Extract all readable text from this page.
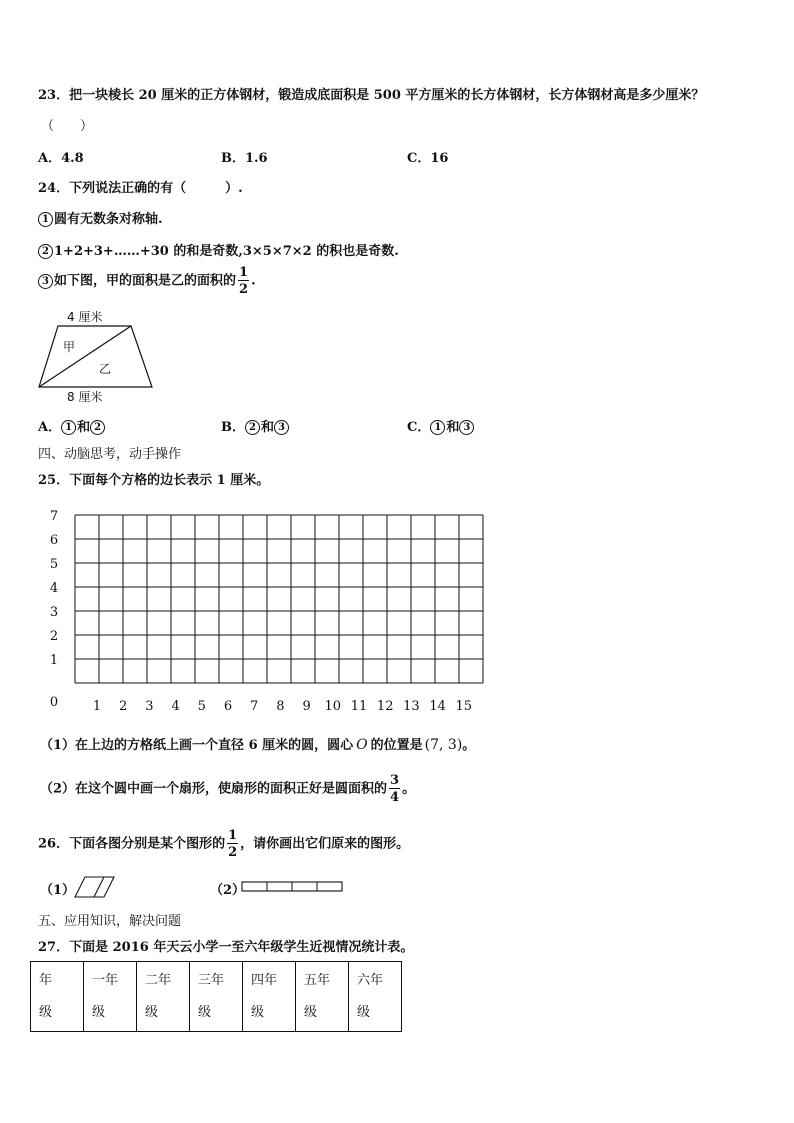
23．把一块棱长 20 厘米的正方体钢材，锻造成底面积是 500 平方厘米的长方体钢材，长方体钢材高是多少厘米？
（　　）
A．4.8	B．1.6	C．16
24．下列说法正确的有（　　　）.
1 圆有无数条对称轴.
2 1+2+3+……+30 的和是奇数,3×5×7×2 的积也是奇数.
3 如下图，甲的面积是乙的面积的 $\frac{1}{2}$ .
4 厘米
甲
乙
8 厘米
A． 1 和 2	B． 2 和 3	C． 1 和 3
四、动脑思考，动手操作
25．下面每个方格的边长表示 1 厘米。
7
6
5
4
3
2
1
0	1 2 3 4 5 6 7 8 9 10 11 12 13 14 15
（1）在上边的方格纸上画一个直径 6 厘米的圆，圆心 O 的位置是 (7, 3)。
（2）在这个圆中画一个扇形，使扇形的面积正好是圆面积的 $\frac{3}{4}$ 。
26．下面各图分别是某个图形的 $\frac{1}{2}$ ，请你画出它们原来的图形。
（1）	（2）
五、应用知识，解决问题
27．下面是 2016 年天云小学一至六年级学生近视情况统计表。
年
级	一年
级	二年
级	三年
级	四年
级	五年
级	六年
级
